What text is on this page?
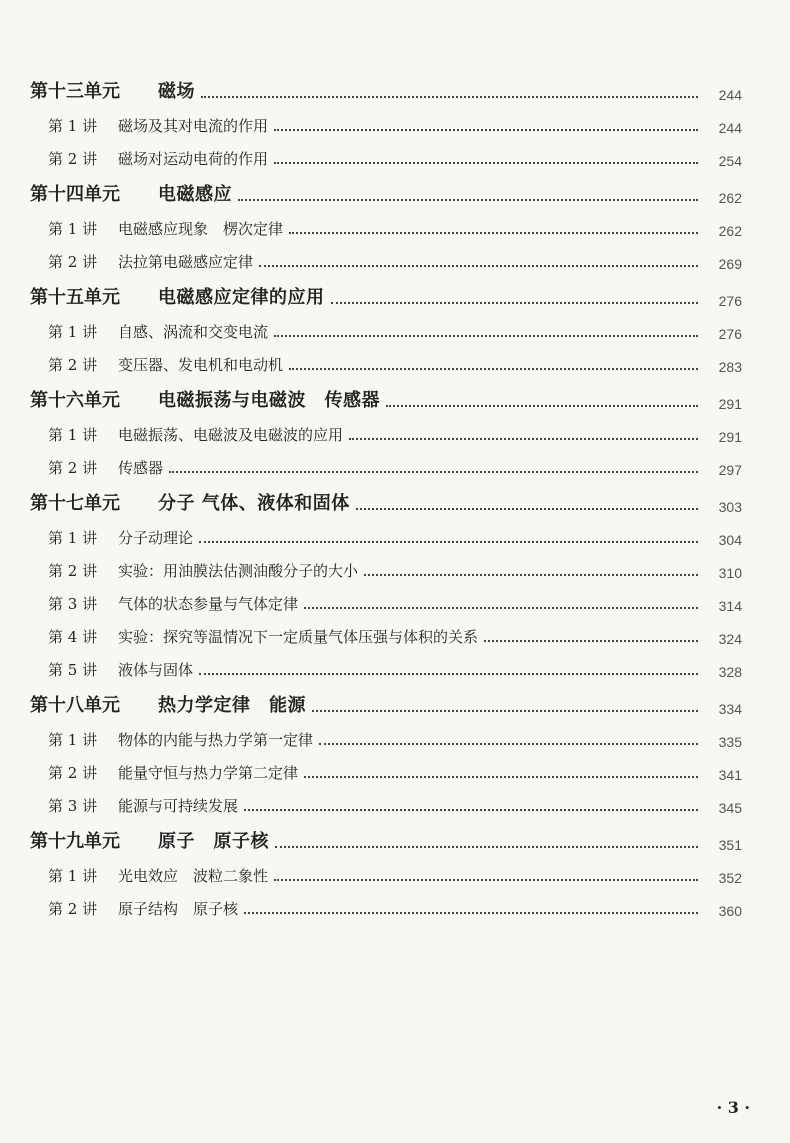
第十三单元	磁场	244
第 1 讲	磁场及其对电流的作用	244
第 2 讲	磁场对运动电荷的作用	254
第十四单元	电磁感应	262
第 1 讲	电磁感应现象　楞次定律	262
第 2 讲	法拉第电磁感应定律	269
第十五单元	电磁感应定律的应用	276
第 1 讲	自感、涡流和交变电流	276
第 2 讲	变压器、发电机和电动机	283
第十六单元	电磁振荡与电磁波　传感器	291
第 1 讲	电磁振荡、电磁波及电磁波的应用	291
第 2 讲	传感器	297
第十七单元	分子 气体、液体和固体	303
第 1 讲	分子动理论	304
第 2 讲	实验：用油膜法估测油酸分子的大小	310
第 3 讲	气体的状态参量与气体定律	314
第 4 讲	实验：探究等温情况下一定质量气体压强与体积的关系	324
第 5 讲	液体与固体	328
第十八单元	热力学定律　能源	334
第 1 讲	物体的内能与热力学第一定律	335
第 2 讲	能量守恒与热力学第二定律	341
第 3 讲	能源与可持续发展	345
第十九单元	原子　原子核	351
第 1 讲	光电效应　波粒二象性	352
第 2 讲	原子结构　原子核	360
· 3 ·
